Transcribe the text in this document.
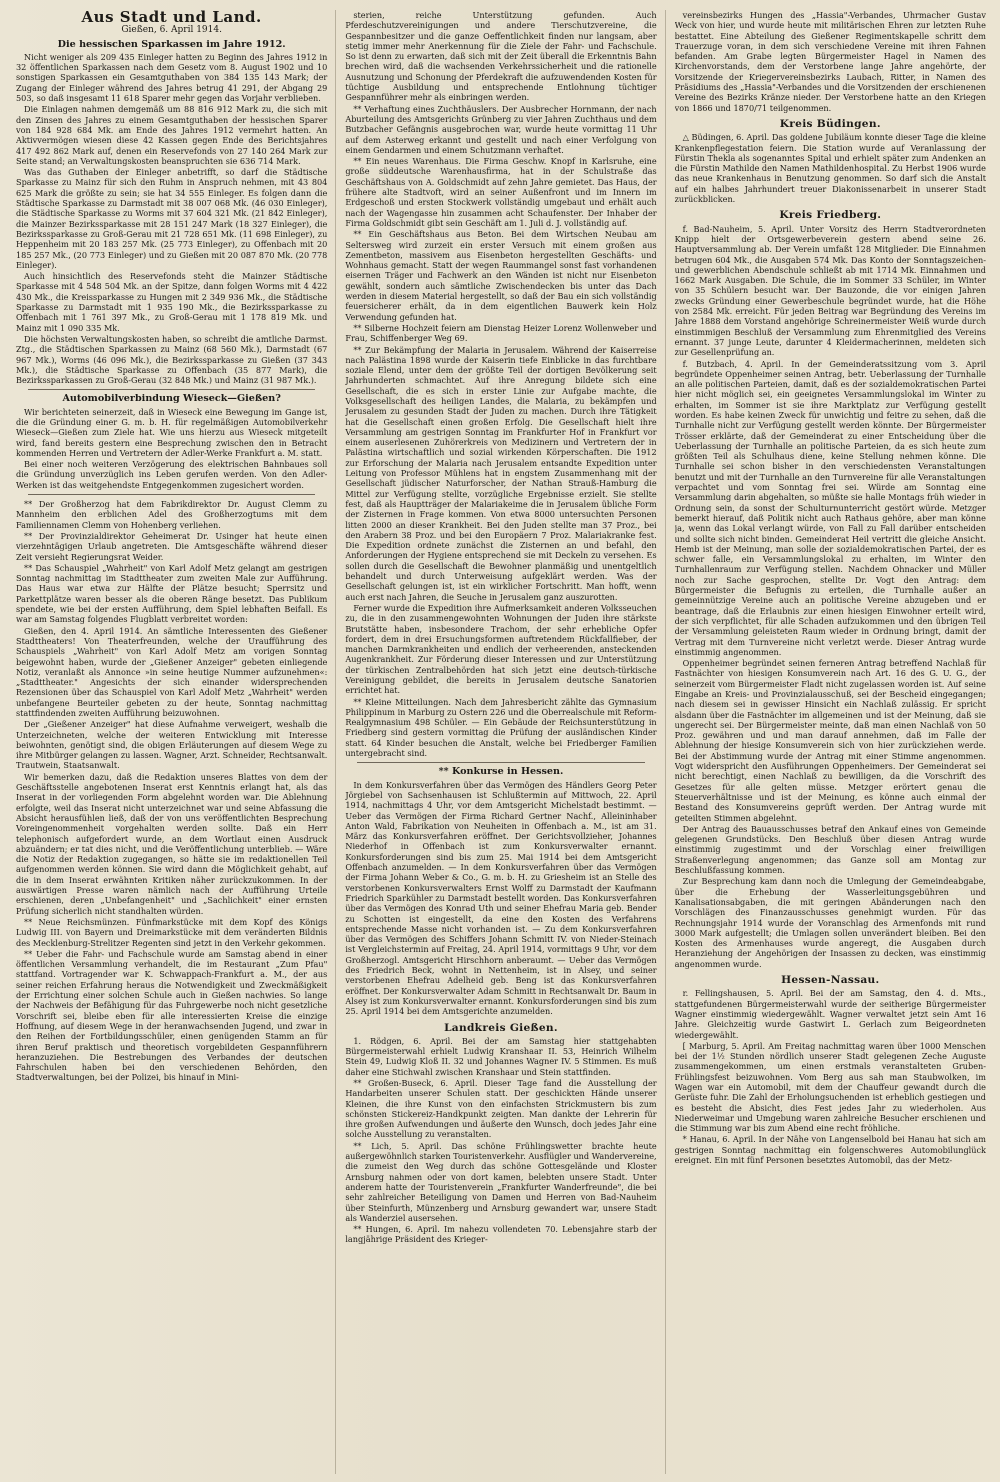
Aus Stadt und Land.
Gießen, 6. April 1914.
Die hessischen Sparkassen im Jahre 1912.

Nicht weniger als 209 435 Einleger hatten zu Beginn des Jahres 1912 in 32 öffentlichen Sparkassen nach dem Gesetz vom 8. August 1902 und 10 sonstigen Sparkassen ein Gesamtguthaben von 384 135 143 Mark; der Zugang der Einleger während des Jahres betrug 41 291, der Abgang 29 503, so daß insgesamt 11 618 Sparer mehr gegen das Vorjahr verblieben.

Die Einlagen nahmen demgemäß um 88 816 912 Mark zu, die sich mit den Zinsen des Jahres zu einem Gesamtguthaben der hessischen Sparer von 184 928 684 Mk. am Ende des Jahres 1912 vermehrt hatten. An Aktivvermögen wiesen diese 42 Kassen gegen Ende des Berichtsjahres 417 492 862 Mark auf, denen ein Reservefonds von 27 140 264 Mark zur Seite stand; an Verwaltungskosten beanspruchten sie 636 714 Mark.

Was das Guthaben der Einleger anbetrifft, so darf die Städtische Sparkasse zu Mainz für sich den Ruhm in Anspruch nehmen, mit 43 804 625 Mark die größte zu sein; sie hat 34 555 Einleger. Es folgen dann die Städtische Sparkasse zu Darmstadt mit 38 007 068 Mk. (46 030 Einleger), die Städtische Sparkasse zu Worms mit 37 604 321 Mk. (21 842 Einleger), die Mainzer Bezirkssparkasse mit 28 151 247 Mark (18 327 Einleger), die Bezirkssparkasse zu Groß-Gerau mit 21 728 651 Mk. (11 698 Einleger), zu Heppenheim mit 20 183 257 Mk. (25 773 Einleger), zu Offenbach mit 20 185 257 Mk., (20 773 Einleger) und zu Gießen mit 20 087 870 Mk. (20 778 Einleger).

Auch hinsichtlich des Reservefonds steht die Mainzer Städtische Sparkasse mit 4 548 504 Mk. an der Spitze, dann folgen Worms mit 4 422 430 Mk., die Kreissparkasse zu Hungen mit 2 349 936 Mk., die Städtische Sparkasse zu Darmstadt mit 1 935 190 Mk., die Bezirkssparkasse zu Offenbach mit 1 761 397 Mk., zu Groß-Gerau mit 1 178 819 Mk. und Mainz mit 1 090 335 Mk.

Die höchsten Verwaltungskosten haben, so schreibt die amtliche Darmst. Ztg., die Städtischen Sparkassen zu Mainz (68 560 Mk.), Darmstadt (67 967 Mk.), Worms (46 096 Mk.), die Bezirkssparkasse zu Gießen (37 343 Mk.), die Städtische Sparkasse zu Offenbach (35 877 Mark), die Bezirkssparkassen zu Groß-Gerau (32 848 Mk.) und Mainz (31 987 Mk.).

Automobilverbindung Wieseck—Gießen?

Wir berichteten seinerzeit, daß in Wieseck eine Bewegung im Gange ist, die die Gründung einer G. m. b. H. für regelmäßigen Automobilverkehr Wieseck—Gießen zum Ziele hat. Wie uns hierzu aus Wieseck mitgeteilt wird, fand bereits gestern eine Besprechung zwischen den in Betracht kommenden Herren und Vertretern der Adler-Werke Frankfurt a. M. statt.

Bei einer noch weiteren Verzögerung des elektrischen Bahnbaues soll die Gründung unverzüglich ins Leben gerufen werden. Von den Adler-Werken ist das weitgehendste Entgegenkommen zugesichert worden.

** Der Großherzog hat dem Fabrikdirektor Dr. August Clemm zu Mannheim den erblichen Adel des Großherzogtums mit dem Familiennamen Clemm von Hohenberg verliehen.

** Der Provinzialdirektor Geheimerat Dr. Usinger hat heute einen vierzehntägigen Urlaub angetreten. Die Amtsgeschäfte während dieser Zeit versieht Regierungsrat Weider.

** Das Schauspiel „Wahrheit" von Karl Adolf Metz gelangt am gestrigen Sonntag nachmittag im Stadttheater zum zweiten Male zur Aufführung. Das Haus war etwa zur Hälfte der Plätze besucht; Sperrsitz und Parkettplätze waren besser als die oberen Ränge besetzt. Das Publikum spendete, wie bei der ersten Aufführung, dem Spiel lebhaften Beifall. Es war am Samstag folgendes Flugblatt verbreitet worden:

Gießen, den 4. April 1914. An sämtliche Interessenten des Gießener Stadttheaters! Von Theaterfreunden, welche der Uraufführung des Schauspiels „Wahrheit" von Karl Adolf Metz am vorigen Sonntag beigewohnt haben, wurde der „Gießener Anzeiger" gebeten einliegende Notiz, veranlaßt als Annonce »in seine heutige Nummer aufzunehmen«: „Stadttheater." Angesichts der sich einander widersprechenden Rezensionen über das Schauspiel von Karl Adolf Metz „Wahrheit" werden unbefangene Beurteiler gebeten zu der heute, Sonntag nachmittag stattfindenden zweiten Aufführung beizuwohnen.

Der „Gießener Anzeiger" hat diese Aufnahme verweigert, weshalb die Unterzeichneten, welche der weiteren Entwicklung mit Interesse beiwohnten, genötigt sind, die obigen Erläuterungen auf diesem Wege zu ihre Mitbürger gelangen zu lassen. Wagner, Arzt. Schneider, Rechtsanwalt. Trautwein, Staatsanwalt.

Wir bemerken dazu, daß die Redaktion unseres Blattes von dem der Geschäftsstelle angebotenen Inserat erst Kenntnis erlangt hat, als das Inserat in der vorliegenden Form abgelehnt worden war. Die Ablehnung erfolgte, weil das Inserat nicht unterzeichnet war und seine Abfassung die Absicht herausfühlen ließ, daß der von uns veröffentlichten Besprechung Voreingenommenheit vorgehalten werden sollte. Daß ein Herr telephonisch aufgefordert wurde, an dem Wortlaut einen Ausdruck abzuändern; er tat dies nicht, und die Veröffentlichung unterblieb. — Wäre die Notiz der Redaktion zugegangen, so hätte sie im redaktionellen Teil aufgenommen werden können. Sie wird dann die Möglichkeit gehabt, auf die in dem Inserat erwähnten Kritiken näher zurückzukommen. In der auswärtigen Presse waren nämlich nach der Aufführung Urteile erschienen, deren „Unbefangenheit" und „Sachlichkeit" einer ernsten Prüfung sicherlich nicht standhalten würden.

** Neue Reichsmünzen. Fünfmarkstücke mit dem Kopf des Königs Ludwig III. von Bayern und Dreimarkstücke mit dem veränderten Bildnis des Mecklenburg-Strelitzer Regenten sind jetzt in den Verkehr gekommen.

** Ueber die Fahr- und Fachschule wurde am Samstag abend in einer öffentlichen Versammlung verhandelt, die im Restaurant „Zum Pfau" stattfand. Vortragender war K. Schwappach-Frankfurt a. M., der aus seiner reichen Erfahrung heraus die Notwendigkeit und Zweckmäßigkeit der Errichtung einer solchen Schule auch in Gießen nachwies. So lange der Nachweis der Befähigung für das Fuhrgewerbe noch nicht gesetzliche Vorschrift sei, bleibe eben für alle interessierten Kreise die einzige Hoffnung, auf diesem Wege in der heranwachsenden Jugend, und zwar in den Reihen der Fortbildungsschüler, einen genügenden Stamm an für ihren Beruf praktisch und theoretisch vorgebildeten Gespannführern heranzuziehen. Die Bestrebungen des Verbandes der deutschen Fahrschulen haben bei den verschiedenen Behörden, den Stadtverwaltungen, bei der Polizei, bis hinauf in Mini-

sterien, reiche Unterstützung gefunden. Auch Pferdeschutzvereinigungen und andere Tierschutzvereine, die Gespannbesitzer und die ganze Oeffentlichkeit finden nur langsam, aber stetig immer mehr Anerkennung für die Ziele der Fahr- und Fachschule. So ist denn zu erwarten, daß sich mit der Zeit überall die Erkenntnis Bahn brechen wird, daß die wachsenden Verkehrssicherheit und die rationelle Ausnutzung und Schonung der Pferdekraft die aufzuwendenden Kosten für tüchtige Ausbildung und entsprechende Entlohnung tüchtiger Gespannführer mehr als einbringen werden.

** Verhaftung eines Zuchthäuslers. Der Ausbrecher Hornmann, der nach Aburteilung des Amtsgerichts Grünberg zu vier Jahren Zuchthaus und dem Butzbacher Gefängnis ausgebrochen war, wurde heute vormittag 11 Uhr auf dem Asterweg erkannt und gestellt und nach einer Verfolgung von einem Gendarmen und einem Schutzmann verhaftet.

** Ein neues Warenhaus. Die Firma Geschw. Knopf in Karlsruhe, eine große süddeutsche Warenhausfirma, hat in der Schulstraße das Geschäftshaus von A. Goldschmidt auf zehn Jahre gemietet. Das Haus, der frühere alte Stadtvoft, wird an seiner Außenfront und im Innern im Erdgeschoß und ersten Stockwerk vollständig umgebaut und erhält auch nach der Wagengasse hin zusammen acht Schaufenster. Der Inhaber der Firma Goldschmidt gibt sein Geschäft am 1. Juli d. J. vollständig auf.

** Ein Geschäftshaus aus Beton. Bei dem Wirtschen Neubau am Seltersweg wird zurzeit ein erster Versuch mit einem großen aus Zementbeton, massivem aus Eisenbeton hergestellten Geschäfts- und Wohnhaus gemacht. Statt der wegen Raummangel sonst fast vorhandenen eisernen Träger und Fachwerk an den Wänden ist nicht nur Eisenbeton gewählt, sondern auch sämtliche Zwischendecken bis unter das Dach werden in diesem Material hergestellt, so daß der Bau ein sich vollständig feuersicherer erhält, da in dem eigentlichen Bauwerk kein Holz Verwendung gefunden hat.

** Silberne Hochzeit feiern am Dienstag Heizer Lorenz Wollenweber und Frau, Schiffenberger Weg 69.

** Zur Bekämpfung der Malaria in Jerusalem. Während der Kaiserreise nach Palästina 1898 wurde der Kaiserin tiefe Einblicke in das furchtbare soziale Elend, unter dem der größte Teil der dortigen Bevölkerung seit Jahrhunderten schmachtet. Auf ihre Anregung bildete sich eine Gesellschaft, die es sich in erster Linie zur Aufgabe machte, die Volksgesellschaft des heiligen Landes, die Malaria, zu bekämpfen und Jerusalem zu gesunden Stadt der Juden zu machen. Durch ihre Tätigkeit hat die Gesellschaft einen großen Erfolg. Die Gesellschaft hielt ihre Versammlung am gestrigen Sonntag im Frankfurter Hof in Frankfurt vor einem auserlesenen Zuhörerkreis von Medizinern und Vertretern der in Palästina wirtschaftlich und sozial wirkenden Körperschaften. Die 1912 zur Erforschung der Malaria nach Jerusalem entsandte Expedition unter Leitung von Professor Mühlens hat in engstem Zusammenhang mit der Gesellschaft jüdischer Naturforscher, der Nathan Strauß-Hamburg die Mittel zur Verfügung stellte, vorzügliche Ergebnisse erzielt. Sie stellte fest, daß als Hauptträger der Malariakeime die in Jerusalem übliche Form der Zisternen in Frage kommen. Von etwa 8000 untersuchten Personen litten 2000 an dieser Krankheit. Bei den Juden stellte man 37 Proz., bei den Arabern 38 Proz. und bei den Europäern 7 Proz. Malariakranke fest. Die Expedition ordnete zunächst die Zisternen an und befahl, den Anforderungen der Hygiene entsprechend sie mit Deckeln zu versehen. Es sollen durch die Gesellschaft die Bewohner planmäßig und unentgeltlich behandelt und durch Unterweisung aufgeklärt werden. Was der Gesellschaft gelungen ist, ist ein wirklicher Fortschritt. Man hofft, wenn auch erst nach Jahren, die Seuche in Jerusalem ganz auszurotten.

Ferner wurde die Expedition ihre Aufmerksamkeit anderen Volksseuchen zu, die in den zusammengewohnten Wohnungen der Juden ihre stärkste Brutstätte haben, insbesondere Trachom, der sehr erhebliche Opfer fordert, dem in drei Ersuchungsformen auftretendem Rückfallfieber, der manchen Darmkrankheiten und endlich der verheerenden, ansteckenden Augenkrankheit. Zur Förderung dieser Interessen und zur Unterstützung der türkischen Zentralbehörden hat sich jetzt eine deutsch-türkische Vereinigung gebildet, die bereits in Jerusalem deutsche Sanatorien errichtet hat.

** Kleine Mitteilungen. Nach dem Jahresbericht zählte das Gymnasium Philippinum in Marburg zu Ostern 226 und die Oberrealschule mit Reform-Realgymnasium 498 Schüler. — Ein Gebäude der Reichsunterstützung in Friedberg sind gestern vormittag die Prüfung der ausländischen Kinder statt. 64 Kinder besuchen die Anstalt, welche bei Friedberger Familien untergebracht sind.

** Konkurse in Hessen.

In dem Konkursverfahren über das Vermögen des Händlers Georg Peter Jörgiebel von Sachsenhausen ist Schlußtermin auf Mittwoch, 22. April 1914, nachmittags 4 Uhr, vor dem Amtsgericht Michelstadt bestimmt. — Ueber das Vermögen der Firma Richard Gertner Nachf., Alleininhaber Anton Wald, Fabrikation von Neuheiten in Offenbach a. M., ist am 31. März das Konkursverfahren eröffnet. Der Gerichtsvollzieher, Johannes Niederhof in Offenbach ist zum Konkursverwalter ernannt. Konkursforderungen sind bis zum 25. Mai 1914 bei dem Amtsgericht Offenbach anzumelden. — In dem Konkursverfahren über das Vermögen der Firma Johann Weber & Co., G. m. b. H. zu Griesheim ist an Stelle des verstorbenen Konkursverwalters Ernst Wolff zu Darmstadt der Kaufmann Friedrich Sparkühler zu Darmstadt bestellt worden. Das Konkursverfahren über das Vermögen des Konrad Uth und seiner Ehefrau Maria geb. Bender zu Schotten ist eingestellt, da eine den Kosten des Verfahrens entsprechende Masse nicht vorhanden ist. — Zu dem Konkursverfahren über das Vermögen des Schiffers Johann Schmitt IV. von Nieder-Steinach ist Vergleichstermin auf Freitag, 24. April 1914, vormittags 9 Uhr, vor dem Großherzogl. Amtsgericht Hirschhorn anberaumt. — Ueber das Vermögen des Friedrich Beck, wohnt in Nettenheim, ist in Alsey, und seiner verstorbenen Ehefrau Adelheid geb. Beng ist das Konkursverfahren eröffnet. Der Konkursverwalter Adam Schmitt in Rechtsanwalt Dr. Baum in Alsey ist zum Konkursverwalter ernannt. Konkursforderungen sind bis zum 25. April 1914 bei dem Amtsgerichte anzumelden.

Landkreis Gießen.

1. Rödgen, 6. April. Bei der am Samstag hier stattgehabten Bürgermeisterwahl erhielt Ludwig Kranshaar II. 53, Heinrich Wilhelm Stein 49, Ludwig Kloß II. 32 und Johannes Wagner IV. 5 Stimmen. Es muß daher eine Stichwahl zwischen Kranshaar und Stein stattfinden.

** Großen-Buseck, 6. April. Dieser Tage fand die Ausstellung der Handarbeiten unserer Schulen statt. Der geschickten Hände unserer Kleinen, die ihre Kunst von den einfachsten Strickmustern bis zum schönsten Stickereiz-Handkpunkt zeigten. Man dankte der Lehrerin für ihre großen Aufwendungen und äußerte den Wunsch, doch jedes Jahr eine solche Ausstellung zu veranstalten.

** Lich, 5. April. Das schöne Frühlingswetter brachte heute außergewöhnlich starken Touristenverkehr. Ausflügler und Wandervereine, die zumeist den Weg durch das schöne Gottesgelände und Kloster Arnsburg nahmen oder von dort kamen, belebten unsere Stadt. Unter anderem hatte der Touristenverein „Frankfurter Wanderfreunde", die bei sehr zahlreicher Beteiligung von Damen und Herren von Bad-Nauheim über Steinfurth, Münzenberg und Arnsburg gewandert war, unsere Stadt als Wanderziel ausersehen.

** Hungen, 6. April. Im nahezu vollendeten 70. Lebensjahre starb der langjährige Präsident des Krieger-

vereinsbezirks Hungen des „Hassia"-Verbandes, Uhrmacher Gustav Weck von hier, und wurde heute mit militärischen Ehren zur letzten Ruhe bestattet. Eine Abteilung des Gießener Regimentskapelle schritt dem Trauerzuge voran, in dem sich verschiedene Vereine mit ihren Fahnen befanden. Am Grabe legten Bürgermeister Hagel in Namen des Kirchenvorstands, dem der Verstorbene lange Jahre angehörte, der Vorsitzende der Kriegervereinsbezirks Laubach, Ritter, in Namen des Präsidiums des „Hassia"-Verbandes und die Vorsitzenden der erschienenen Vereine des Bezirks Kränze nieder. Der Verstorbene hatte an den Kriegen von 1866 und 1870/71 teilgenommen.

Kreis Büdingen.

△ Büdingen, 6. April. Das goldene Jubiläum konnte dieser Tage die kleine Krankenpflegestation feiern. Die Station wurde auf Veranlassung der Fürstin Thekla als sogenanntes Spital und erhielt später zum Andenken an die Fürstin Mathilde den Namen Mathildenhospital. Zu Herbst 1906 wurde das neue Krankenhaus in Benutzung genommen. So darf sich die Anstalt auf ein halbes Jahrhundert treuer Diakonissenarbeit in unserer Stadt zurückblicken.

Kreis Friedberg.

f. Bad-Nauheim, 5. April. Unter Vorsitz des Herrn Stadtverordneten Knipp hielt der Ortsgewerbeverein gestern abend seine 26. Hauptversammlung ab. Der Verein umfaßt 128 Mitglieder. Die Einnahmen betrugen 604 Mk., die Ausgaben 574 Mk. Das Konto der Sonntagszeichen- und gewerblichen Abendschule schließt ab mit 1714 Mk. Einnahmen und 1662 Mark Ausgaben. Die Schule, die im Sommer 33 Schüler, im Winter von 35 Schülern besucht war. Der Bauzonde, die vor einigen Jahren zwecks Gründung einer Gewerbeschule begründet wurde, hat die Höhe von 2584 Mk. erreicht. Für jeden Beitrag war Begründung des Vereins im Jahre 1888 dem Vorstand angehörige Schreinermeister Weiß wurde durch einstimmigen Beschluß der Versammlung zum Ehrenmitglied des Vereins ernannt. 37 junge Leute, darunter 4 Kleidermacherinnen, meldeten sich zur Gesellenprüfung an.

f. Butzbach, 4. April. In der Gemeinderatssitzung vom 3. April begründete Oppenheimer seinen Antrag, betr. Ueberlassung der Turnhalle an alle politischen Parteien, damit, daß es der sozialdemokratischen Partei hier nicht möglich sei, ein geeignetes Versammlungslokal im Winter zu erhalten, im Sommer ist sie ihre Marktplatz zur Verfügung gestellt worden. Es habe keinen Zweck für unwichtig und feitre zu sehen, daß die Turnhalle nicht zur Verfügung gestellt werden könnte. Der Bürgermeister Trösser erklärte, daß der Gemeinderat zu einer Entscheidung über die Ueberlassung der Turnhalle an politische Parteien, da es sich heute zum größten Teil als Schulhaus diene, keine Stellung nehmen könne. Die Turnhalle sei schon bisher in den verschiedensten Veranstaltungen benutzt und mit der Turnhalle an den Turnvereine für alle Veranstaltungen verpachtet und vom Sonntag frei sei. Würde am Sonntag eine Versammlung darin abgehalten, so müßte sie halle Montags früh wieder in Ordnung sein, da sonst der Schulturnunterricht gestört würde. Metzger bemerkt hierauf, daß Politik nicht auch Rathaus gehöre, aber man könne ja, wenn das Lokal verlangt würde, von Fall zu Fall darüber entscheiden und sollte sich nicht binden. Gemeinderat Heil vertritt die gleiche Ansicht. Hemb ist der Meinung, man solle der sozialdemokratischen Partei, der es schwer falle, ein Versammlungslokal zu erhalten, im Winter den Turnhallenraum zur Verfügung stellen. Nachdem Ohnacker und Müller noch zur Sache gesprochen, stellte Dr. Vogt den Antrag: dem Bürgermeister die Befugnis zu erteilen, die Turnhalle außer an gemeinnützige Vereine auch an politische Vereine abzugeben und er beantrage, daß die Erlaubnis zur einen hiesigen Einwohner erteilt wird, der sich verpflichtet, für alle Schaden aufzukommen und den übrigen Teil der Versammlung geleisteten Raum wieder in Ordnung bringt, damit der Vertrag mit dem Turnvereine nicht verletzt werde. Dieser Antrag wurde einstimmig angenommen.

Oppenheimer begründet seinen ferneren Antrag betreffend Nachlaß für Fastnächter von hiesigen Konsumverein nach Art. 16 des G. U. G., der seinerzeit vom Bürgermeister Fladt nicht zugelassen worden ist. Auf seine Eingabe an Kreis- und Provinzialausschuß, sei der Bescheid eingegangen; nach diesem sei in gewisser Hinsicht ein Nachlaß zulässig. Er spricht alsdann über die Fastnächter im allgemeinen und ist der Meinung, daß sie ungerecht sei. Der Bürgermeister meinte, daß man einen Nachlaß von 50 Proz. gewähren und und man darauf annehmen, daß im Falle der Ablehnung der hiesige Konsumverein sich von hier zurückziehen werde. Bei der Abstimmung wurde der Antrag mit einer Stimme angenommen. Vogt widerspricht den Ausführungen Oppenheimers. Der Gemeinderat sei nicht berechtigt, einen Nachlaß zu bewilligen, da die Vorschrift des Gesetzes für alle gelten müsse. Metzger erörtert genau die Steuerverhältnisse und ist der Meinung, es könne auch einmal der Bestand des Konsumvereins geprüft werden. Der Antrag wurde mit geteilten Stimmen abgelehnt.

Der Antrag des Bauausschusses betraf den Ankauf eines von Gemeinde gelegenen Grundstücks. Den Beschluß über diesen Antrag wurde einstimmig zugestimmt und der Vorschlag einer freiwilligen Straßenverlegung angenommen; das Ganze soll am Montag zur Beschlußfassung kommen.

Zur Besprechung kam dann noch die Umlegung der Gemeindeabgabe, über die Erhebung der Wasserleitungsgebühren und Kanalisationsabgaben, die mit geringen Abänderungen nach den Vorschlägen des Finanzausschusses genehmigt wurden. Für das Rechnungsjahr 1914 wurde der Voranschlag des Armenfonds mit rund 3000 Mark aufgestellt; die Umlagen sollen unverändert bleiben. Bei den Kosten des Armenhauses wurde angeregt, die Ausgaben durch Heranziehung der Angehörigen der Insassen zu decken, was einstimmig angenommen wurde.

Hessen-Nassau.

r. Fellingshausen, 5. April. Bei der am Samstag, den 4. d. Mts., stattgefundenen Bürgermeisterwahl wurde der seitherige Bürgermeister Wagner einstimmig wiedergewählt. Wagner verwaltet jetzt sein Amt 16 Jahre. Gleichzeitig wurde Gastwirt L. Gerlach zum Beigeordneten wiedergewählt.

[ Marburg, 5. April. Am Freitag nachmittag waren über 1000 Menschen bei der 1½ Stunden nördlich unserer Stadt gelegenen Zeche Auguste zusammengekommen, um einen erstmals veranstalteten Gruben-Frühlingsfest beizuwohnen. Vom Berg aus sah man Staubwolken, im Wagen war ein Automobil, mit dem der Chauffeur gewandt durch die Gerüste fuhr. Die Zahl der Erholungsuchenden ist erheblich gestiegen und es besteht die Absicht, dies Fest jedes Jahr zu wiederholen. Aus Niederweimar und Umgebung waren zahlreiche Besucher erschienen und die Stimmung war bis zum Abend eine recht fröhliche.

* Hanau, 6. April. In der Nähe von Langenselbold bei Hanau hat sich am gestrigen Sonntag nachmittag ein folgenschweres Automobilunglück ereignet. Ein mit fünf Personen besetztes Automobil, das der Metz-
